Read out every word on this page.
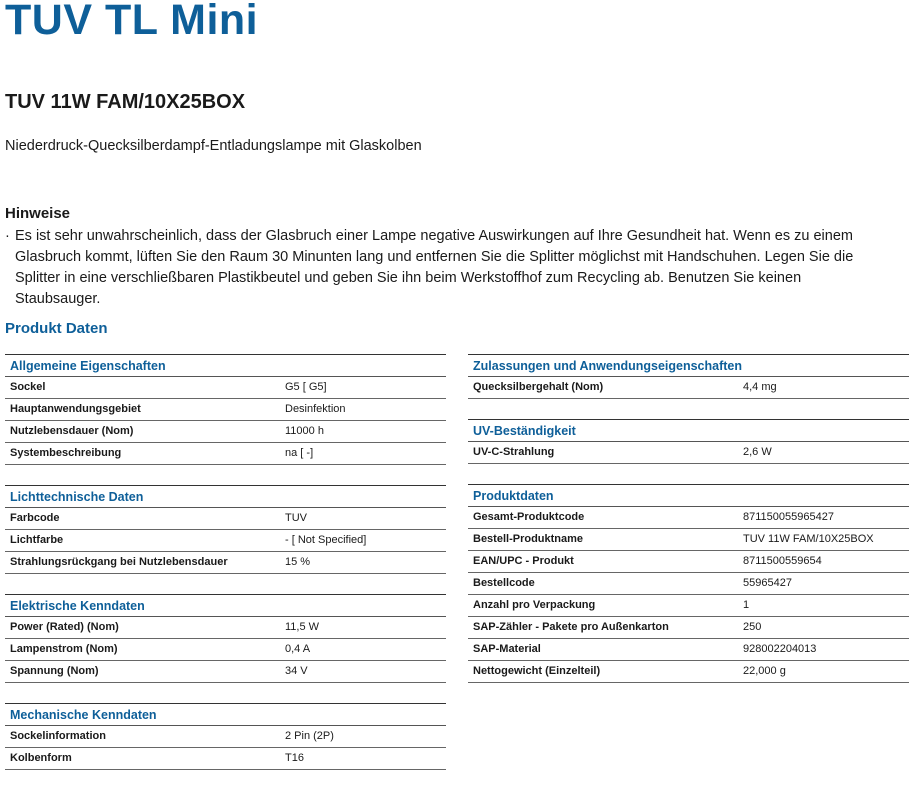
TUV TL Mini
TUV 11W FAM/10X25BOX

Niederdruck-Quecksilberdampf-Entladungslampe mit Glaskolben

Hinweise
· Es ist sehr unwahrscheinlich, dass der Glasbruch einer Lampe negative Auswirkungen auf Ihre Gesundheit hat. Wenn es zu einem Glasbruch kommt, lüften Sie den Raum 30 Minunten lang und entfernen Sie die Splitter möglichst mit Handschuhen. Legen Sie die Splitter in eine verschließbaren Plastikbeutel und geben Sie ihn beim Werkstoffhof zum Recycling ab. Benutzen Sie keinen Staubsauger.
Produkt Daten
Allgemeine Eigenschaften
Sockel	G5 [ G5]
Hauptanwendungsgebiet	Desinfektion
Nutzlebensdauer (Nom)	11000 h
Systembeschreibung	na [ -]
Lichttechnische Daten
Farbcode	TUV
Lichtfarbe	- [ Not Specified]
Strahlungsrückgang bei Nutzlebensdauer	15 %
Elektrische Kenndaten
Power (Rated) (Nom)	11,5 W
Lampenstrom (Nom)	0,4 A
Spannung (Nom)	34 V
Mechanische Kenndaten
Sockelinformation	2 Pin (2P)
Kolbenform	T16
Zulassungen und Anwendungseigenschaften
Quecksilbergehalt (Nom)	4,4 mg
UV-Beständigkeit
UV-C-Strahlung	2,6 W
Produktdaten
Gesamt-Produktcode	871150055965427
Bestell-Produktname	TUV 11W FAM/10X25BOX
EAN/UPC - Produkt	8711500559654
Bestellcode	55965427
Anzahl pro Verpackung	1
SAP-Zähler - Pakete pro Außenkarton	250
SAP-Material	928002204013
Nettogewicht (Einzelteil)	22,000 g
